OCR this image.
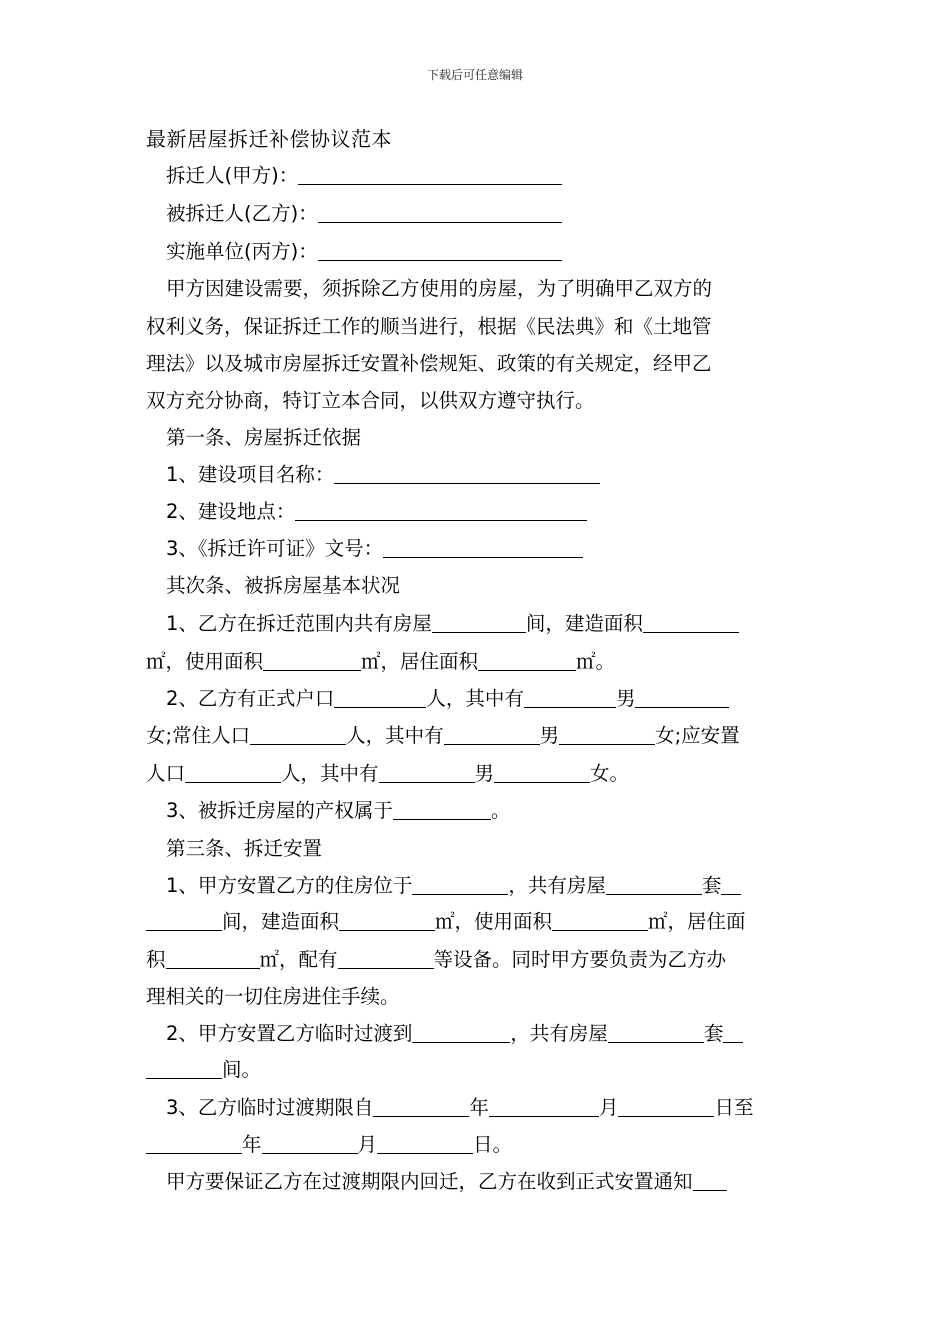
下载后可任意编辑
最新居屋拆迁补偿协议范本
拆迁人(甲方)：
被拆迁人(乙方)：
实施单位(丙方)：
甲方因建设需要，须拆除乙方使用的房屋，为了明确甲乙双方的
权利义务，保证拆迁工作的顺当进行，根据《民法典》和《土地管
理法》以及城市房屋拆迁安置补偿规矩、政策的有关规定，经甲乙
双方充分协商，特订立本合同，以供双方遵守执行。
第一条、房屋拆迁依据
1、建设项目名称：
2、建设地点：
3、《拆迁许可证》文号：
其次条、被拆房屋基本状况
1、乙方在拆迁范围内共有房屋	间，建造面积
㎡，使用面积	㎡，居住面积	㎡。
2、乙方有正式户口	人，其中有	男
女;常住人口	人，其中有	男	女;应安置
人口	人，其中有	男	女。
3、被拆迁房屋的产权属于	。
第三条、拆迁安置
1、甲方安置乙方的住房位于	，共有房屋	套
间，建造面积	㎡，使用面积	㎡，居住面
积	㎡，配有	等设备。同时甲方要负责为乙方办
理相关的一切住房进住手续。
2、甲方安置乙方临时过渡到	，共有房屋	套
间。
3、乙方临时过渡期限自	年	月	日至
年	月	日。
甲方要保证乙方在过渡期限内回迁，乙方在收到正式安置通知
